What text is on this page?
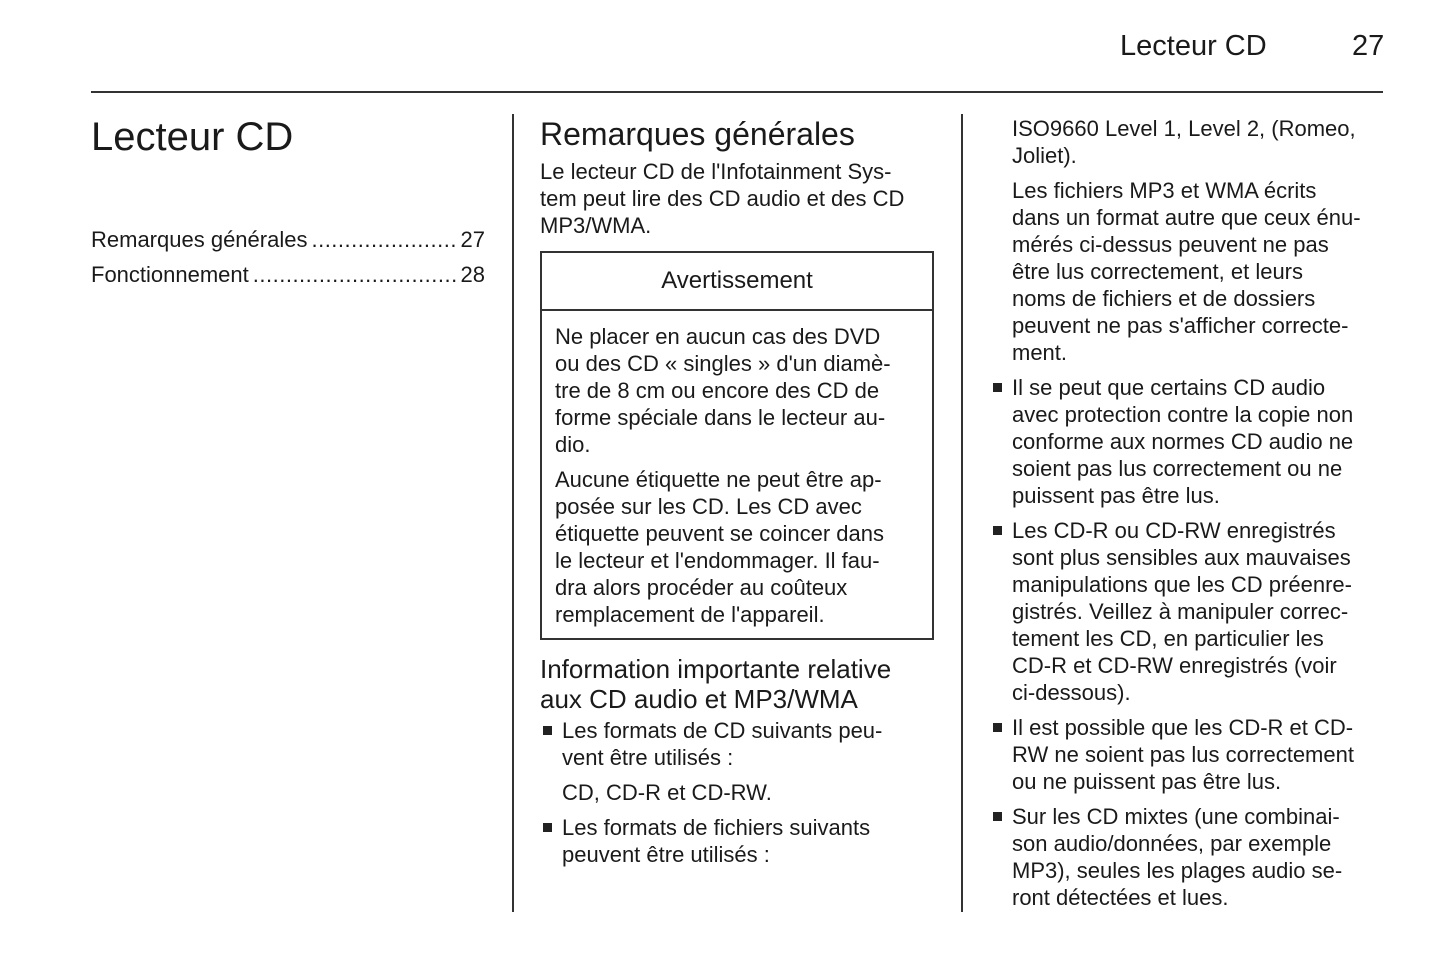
Lecteur CD	27
Lecteur CD
Remarques générales .....	27
Fonctionnement .....	28
Remarques générales

Le lecteur CD de l'Infotainment Sys-
tem peut lire des CD audio et des CD
MP3/WMA.

Avertissement

Ne placer en aucun cas des DVD
ou des CD « singles » d'un diamè-
tre de 8 cm ou encore des CD de
forme spéciale dans le lecteur au-
dio.

Aucune étiquette ne peut être ap-
posée sur les CD. Les CD avec
étiquette peuvent se coincer dans
le lecteur et l'endommager. Il fau-
dra alors procéder au coûteux
remplacement de l'appareil.

Information importante relative
aux CD audio et MP3/WMA

Les formats de CD suivants peu-
vent être utilisés :

CD, CD-R et CD-RW.

Les formats de fichiers suivants
peuvent être utilisés :

ISO9660 Level 1, Level 2, (Romeo,
Joliet).

Les fichiers MP3 et WMA écrits
dans un format autre que ceux énu-
mérés ci-dessus peuvent ne pas
être lus correctement, et leurs
noms de fichiers et de dossiers
peuvent ne pas s'afficher correcte-
ment.

Il se peut que certains CD audio
avec protection contre la copie non
conforme aux normes CD audio ne
soient pas lus correctement ou ne
puissent pas être lus.

Les CD-R ou CD-RW enregistrés
sont plus sensibles aux mauvaises
manipulations que les CD préenre-
gistrés. Veillez à manipuler correc-
tement les CD, en particulier les
CD-R et CD-RW enregistrés (voir
ci-dessous).

Il est possible que les CD-R et CD-
RW ne soient pas lus correctement
ou ne puissent pas être lus.

Sur les CD mixtes (une combinai-
son audio/données, par exemple
MP3), seules les plages audio se-
ront détectées et lues.
